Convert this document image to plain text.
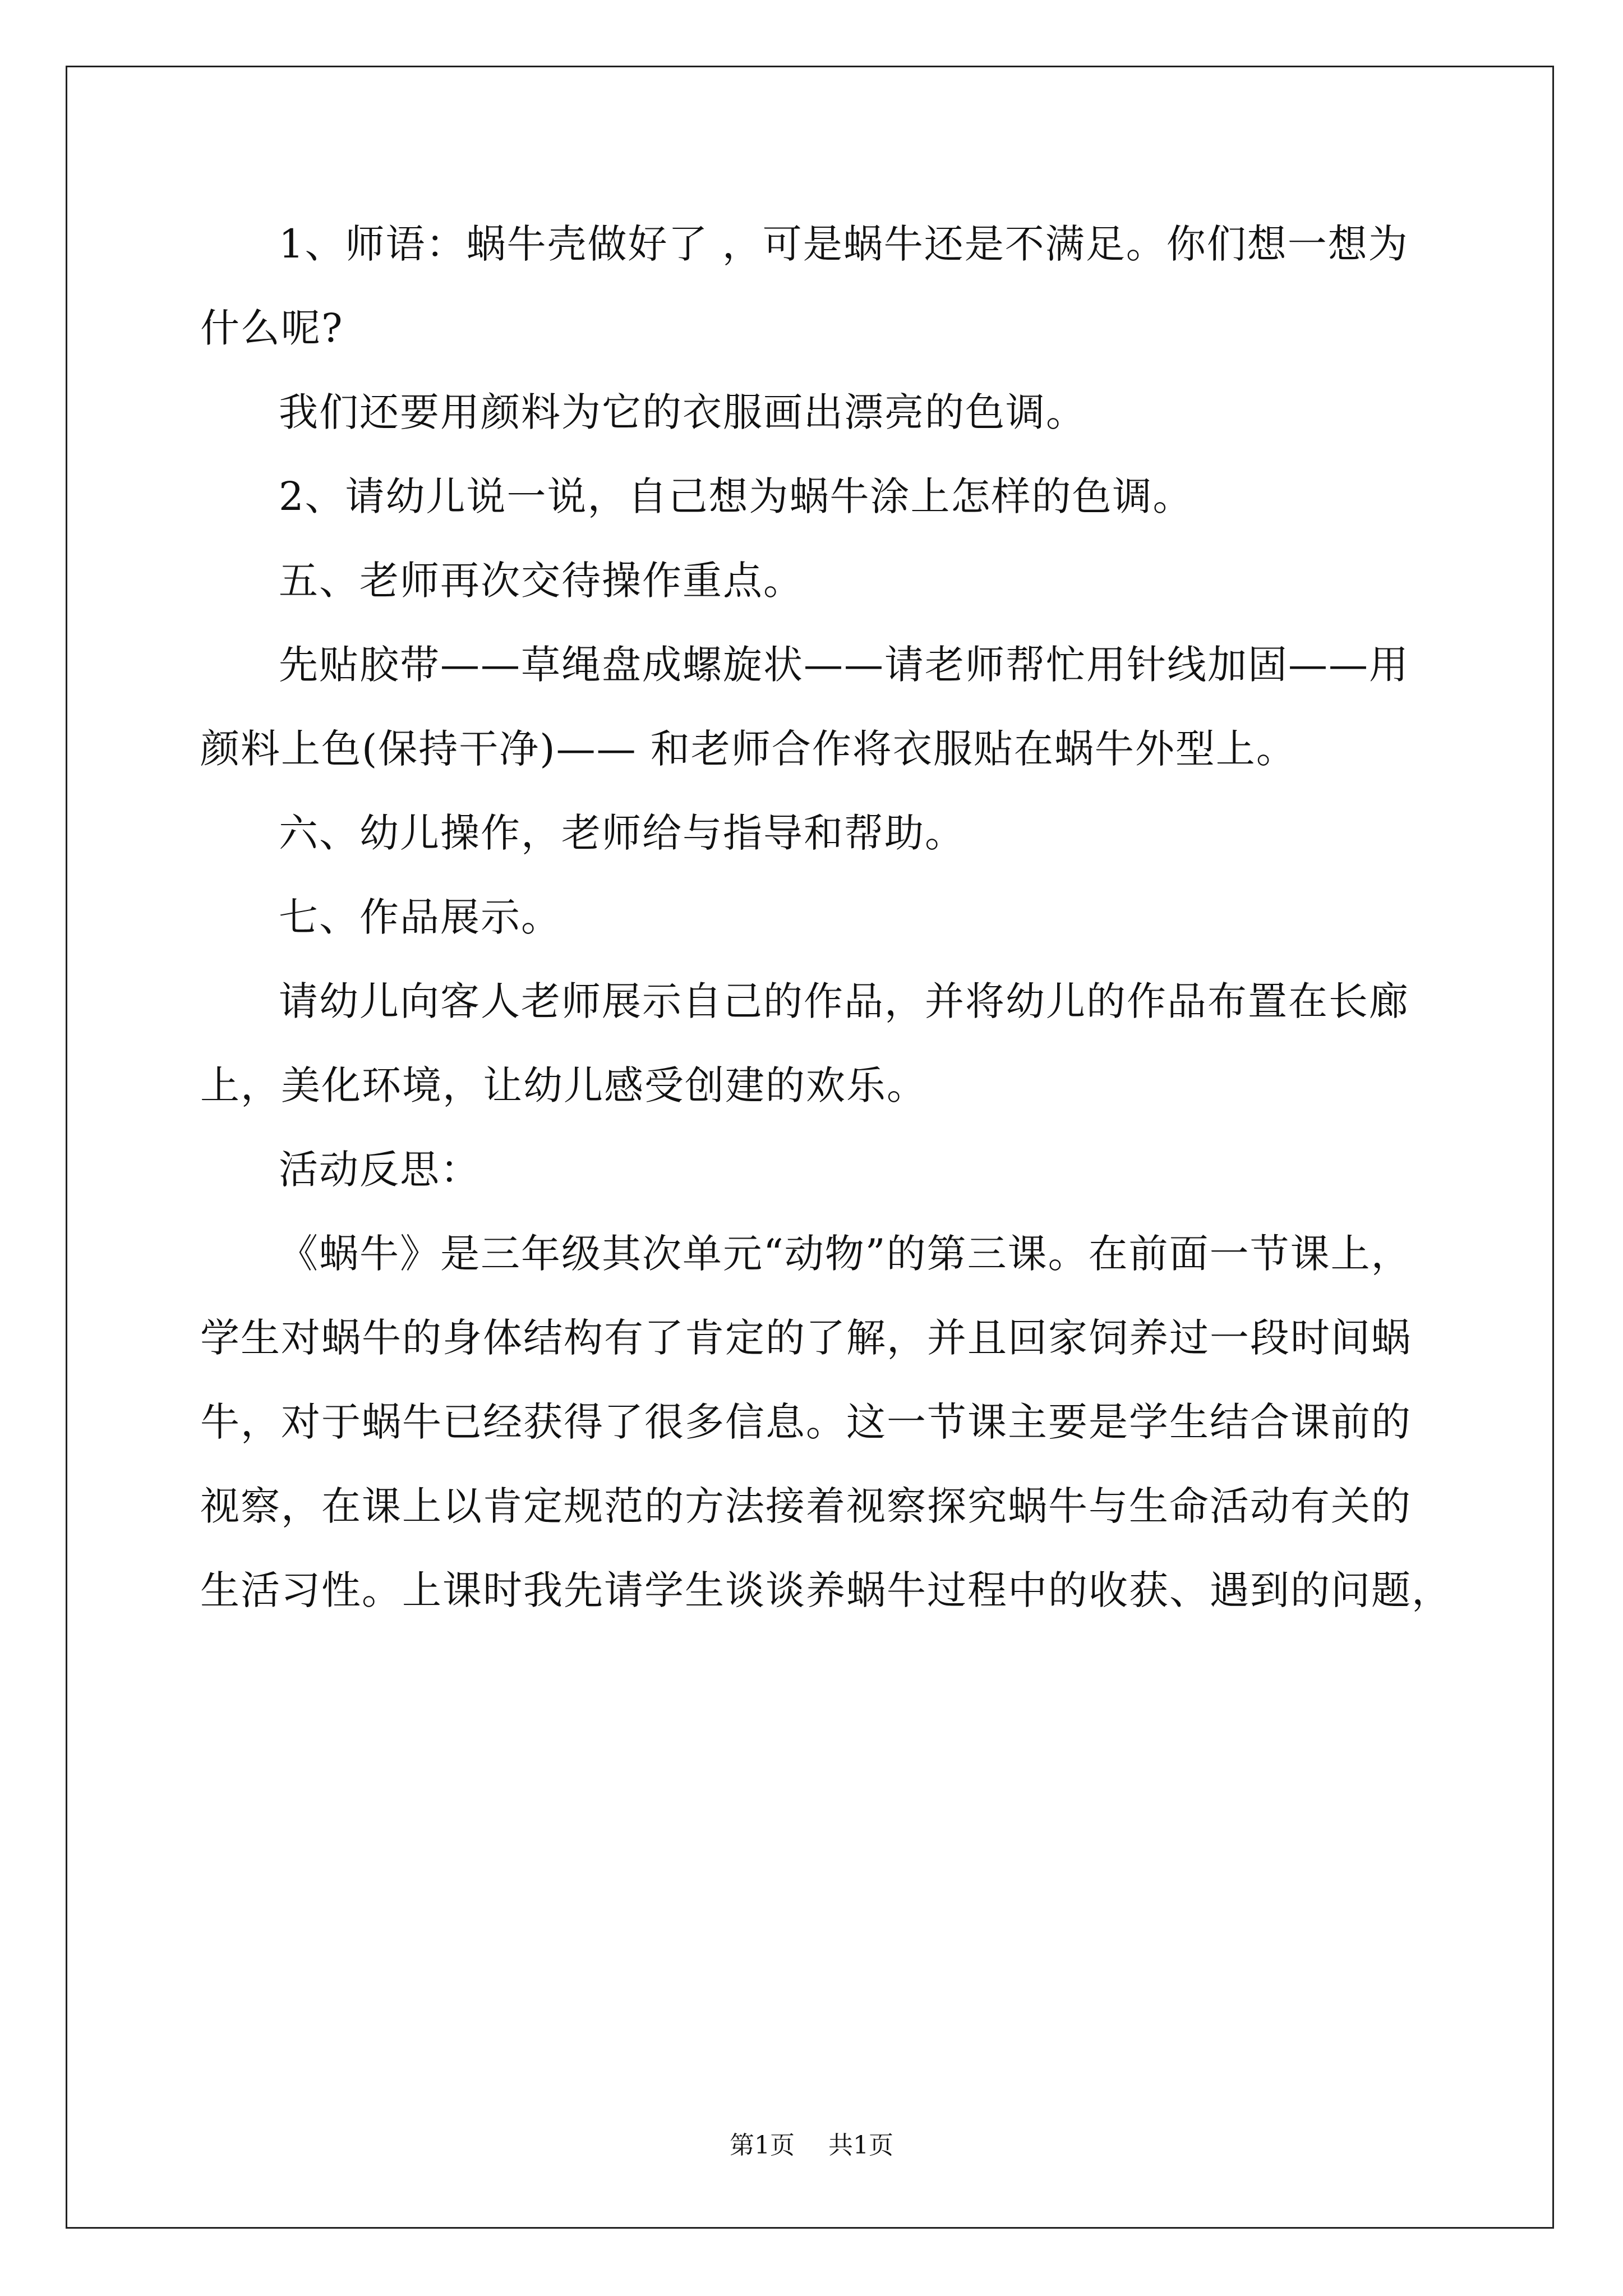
1、师语：蜗牛壳做好了 ，可是蜗牛还是不满足。你们想一想为
什么呢?
我们还要用颜料为它的衣服画出漂亮的色调。
2、请幼儿说一说，自己想为蜗牛涂上怎样的色调。
五、老师再次交待操作重点。
先贴胶带——草绳盘成螺旋状——请老师帮忙用针线加固——用
颜料上色(保持干净)—— 和老师合作将衣服贴在蜗牛外型上。
六、幼儿操作，老师给与指导和帮助。
七、作品展示。
请幼儿向客人老师展示自己的作品，并将幼儿的作品布置在长廊
上，美化环境，让幼儿感受创建的欢乐。
活动反思：
《蜗牛》是三年级其次单元“动物”的第三课。在前面一节课上，
学生对蜗牛的身体结构有了肯定的了解，并且回家饲养过一段时间蜗
牛，对于蜗牛已经获得了很多信息。这一节课主要是学生结合课前的
视察，在课上以肯定规范的方法接着视察探究蜗牛与生命活动有关的
生活习性。上课时我先请学生谈谈养蜗牛过程中的收获、遇到的问题，
第1页 共1页
